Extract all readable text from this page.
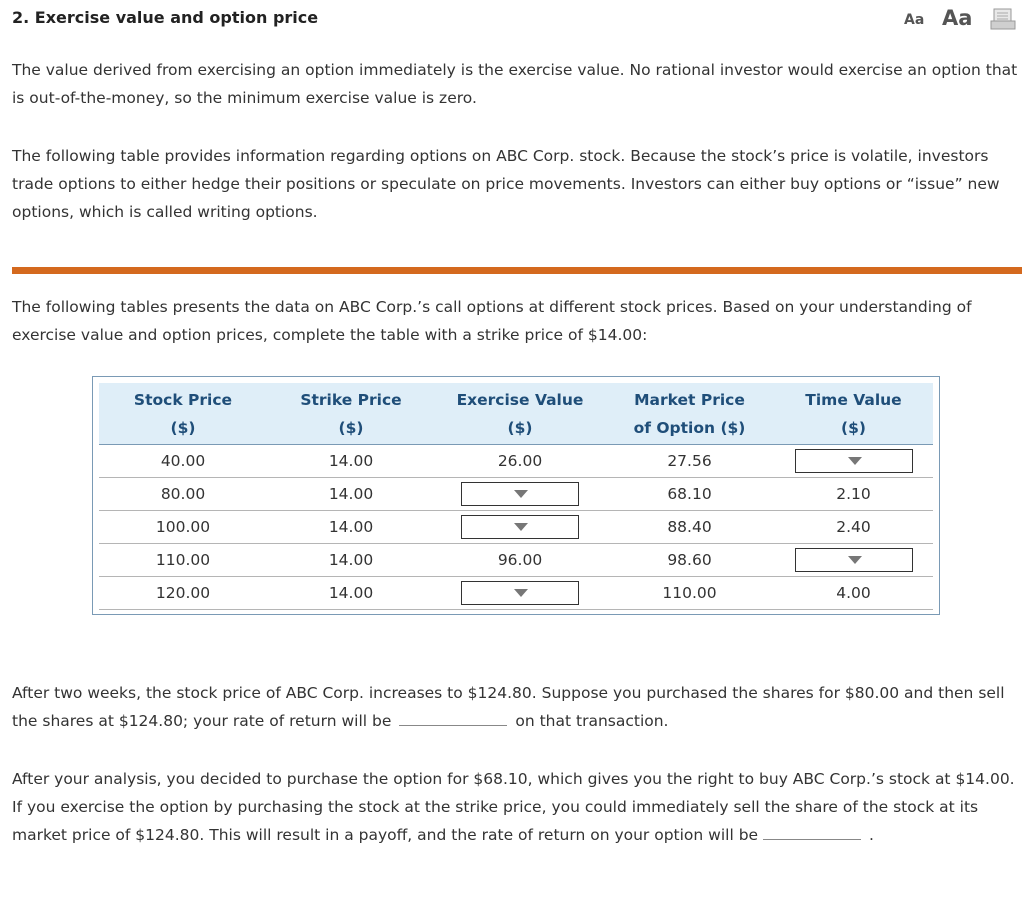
2. Exercise value and option price	Aa Aa

The value derived from exercising an option immediately is the exercise value. No rational investor would exercise an option that is out-of-the-money, so the minimum exercise value is zero.

The following table provides information regarding options on ABC Corp. stock. Because the stock’s price is volatile, investors trade options to either hedge their positions or speculate on price movements. Investors can either buy options or “issue” new options, which is called writing options.

The following tables presents the data on ABC Corp.’s call options at different stock prices. Based on your understanding of exercise value and option prices, complete the table with a strike price of $14.00:

Stock Price
($)	Strike Price
($)	Exercise Value
($)	Market Price
of Option ($)	Time Value
($)
40.00	14.00	26.00	27.56	

80.00	14.00		68.10	2.10
100.00	14.00		88.40	2.40
110.00	14.00	96.00	98.60	

120.00	14.00		110.00	4.00

After two weeks, the stock price of ABC Corp. increases to $124.80. Suppose you purchased the shares for $80.00 and then sell the shares at $124.80; your rate of return will be	on that transaction.

After your analysis, you decided to purchase the option for $68.10, which gives you the right to buy ABC Corp.’s stock at $14.00. If you exercise the option by purchasing the stock at the strike price, you could immediately sell the share of the stock at its market price of $124.80. This will result in a payoff, and the rate of return on your option will be	.
